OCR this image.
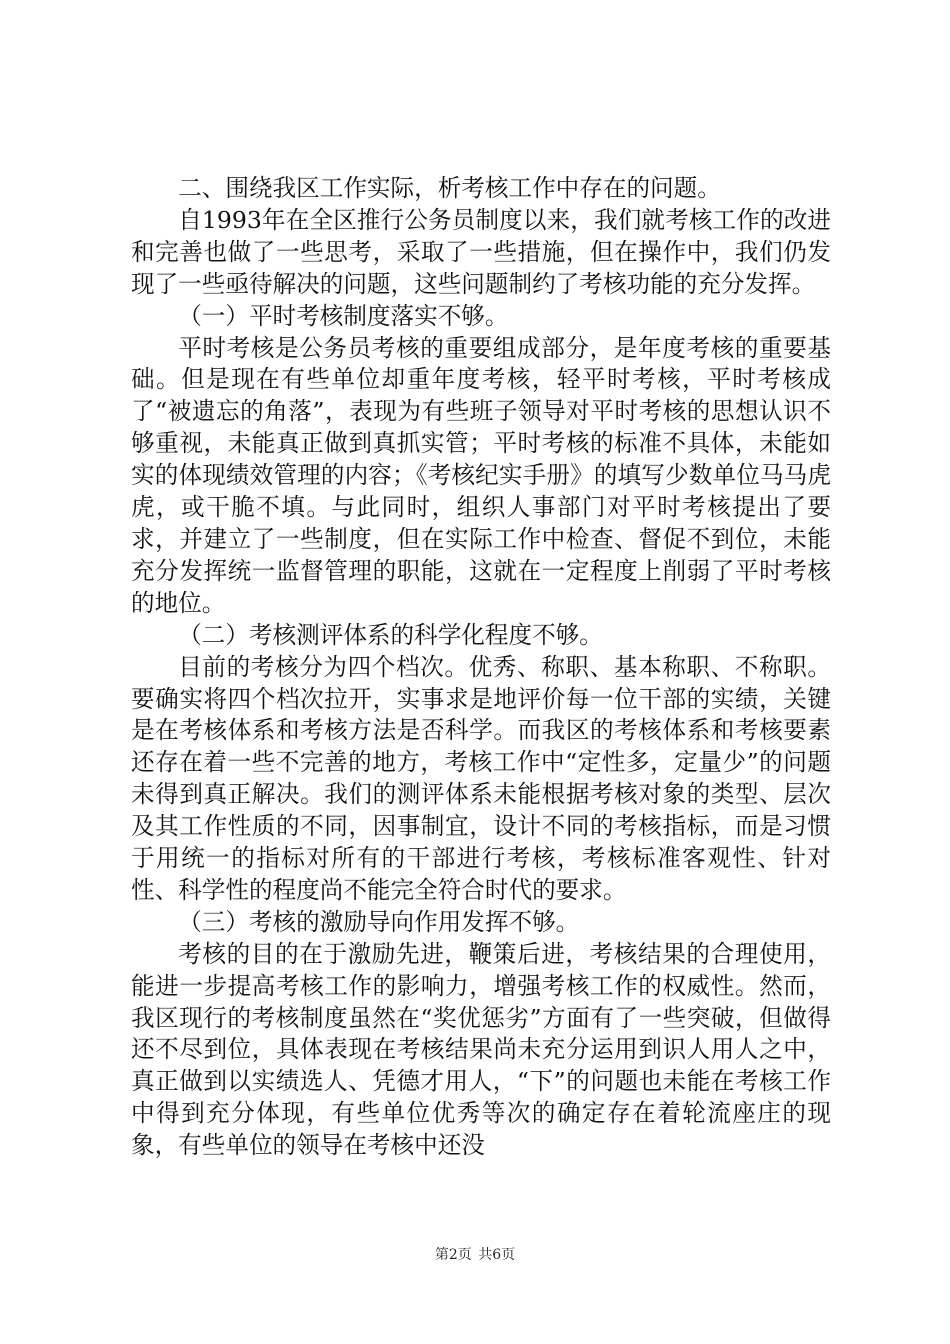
二、围绕我区工作实际，析考核工作中存在的问题。

自1993年在全区推行公务员制度以来，我们就考核工作的改进和完善也做了一些思考，采取了一些措施，但在操作中，我们仍发现了一些亟待解决的问题，这些问题制约了考核功能的充分发挥。

（一）平时考核制度落实不够。

平时考核是公务员考核的重要组成部分，是年度考核的重要基础。但是现在有些单位却重年度考核，轻平时考核，平时考核成了“被遗忘的角落”，表现为有些班子领导对平时考核的思想认识不够重视，未能真正做到真抓实管；平时考核的标准不具体，未能如实的体现绩效管理的内容；《考核纪实手册》的填写少数单位马马虎虎，或干脆不填。与此同时，组织人事部门对平时考核提出了要求，并建立了一些制度，但在实际工作中检查、督促不到位，未能充分发挥统一监督管理的职能，这就在一定程度上削弱了平时考核的地位。

（二）考核测评体系的科学化程度不够。

目前的考核分为四个档次。优秀、称职、基本称职、不称职。要确实将四个档次拉开，实事求是地评价每一位干部的实绩，关键是在考核体系和考核方法是否科学。而我区的考核体系和考核要素还存在着一些不完善的地方，考核工作中“定性多，定量少”的问题未得到真正解决。我们的测评体系未能根据考核对象的类型、层次及其工作性质的不同，因事制宜，设计不同的考核指标，而是习惯于用统一的指标对所有的干部进行考核，考核标准客观性、针对性、科学性的程度尚不能完全符合时代的要求。

（三）考核的激励导向作用发挥不够。

考核的目的在于激励先进，鞭策后进，考核结果的合理使用，能进一步提高考核工作的影响力，增强考核工作的权威性。然而，我区现行的考核制度虽然在“奖优惩劣”方面有了一些突破，但做得还不尽到位，具体表现在考核结果尚未充分运用到识人用人之中，真正做到以实绩选人、凭德才用人，“下”的问题也未能在考核工作中得到充分体现，有些单位优秀等次的确定存在着轮流座庄的现象，有些单位的领导在考核中还没

第2页 共6页
